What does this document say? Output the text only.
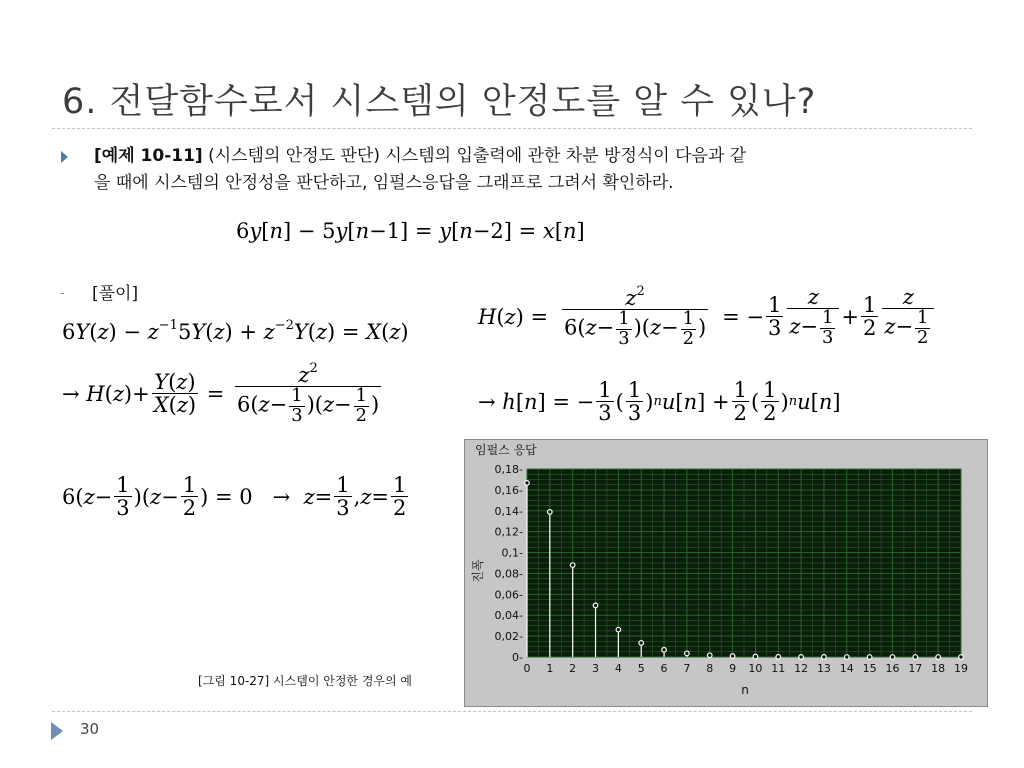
6. 전달함수로서 시스템의 안정도를 알 수 있나?
[예제 10-11] (시스템의 안정도 판단) 시스템의 입출력에 관한 차분 방정식이 다음과 같
을 때에 시스템의 안정성을 판단하고, 임펄스응답을 그래프로 그려서 확인하라.
6y[n] − 5y[n−1] = y[n−2] = x[n]
- [풀이]
$6Y(z) - z^{-1}5Y(z) + z^{-2}Y(z) = X(z)$
→ H ( z )+ $\frac{Y(z)}{X(z)} = \frac{z^2}{6(z- \frac{1}{3} )(z- \frac{1}{2} )}$
6( $z - \frac{1}{3}$ )( $z - \frac{1}{2}$ ) = $0 \to z = \frac{1}{3}$ , $z = \frac{1}{2}$
H ( z ) = $\frac{z^2}{6(z- \frac{1}{3} )(z- \frac{1}{2} )}$ = − $\frac{1}{3} \frac{z}{z- \frac{1}{3}} + \frac{1}{2} \frac{z}{z- \frac{1}{2}}$
→ h [ n ] = − $\frac{1}{3}$ ( $\frac{1}{3}$ ) n u [ n ] + $\frac{1}{2}$ ( $\frac{1}{2}$ ) n u [ n ]
임펄스 응답
0-
0,02-
0,04-
0,06-
0,08-
0,1-
0,12-
0,14-
0,16-
0,18-
0 1 2 3 4 5 6 7 8 9 10 11 12 13 14 15 16 17 18 19
진폭
n
[그림 10-27] 시스템이 안정한 경우의 예
30
